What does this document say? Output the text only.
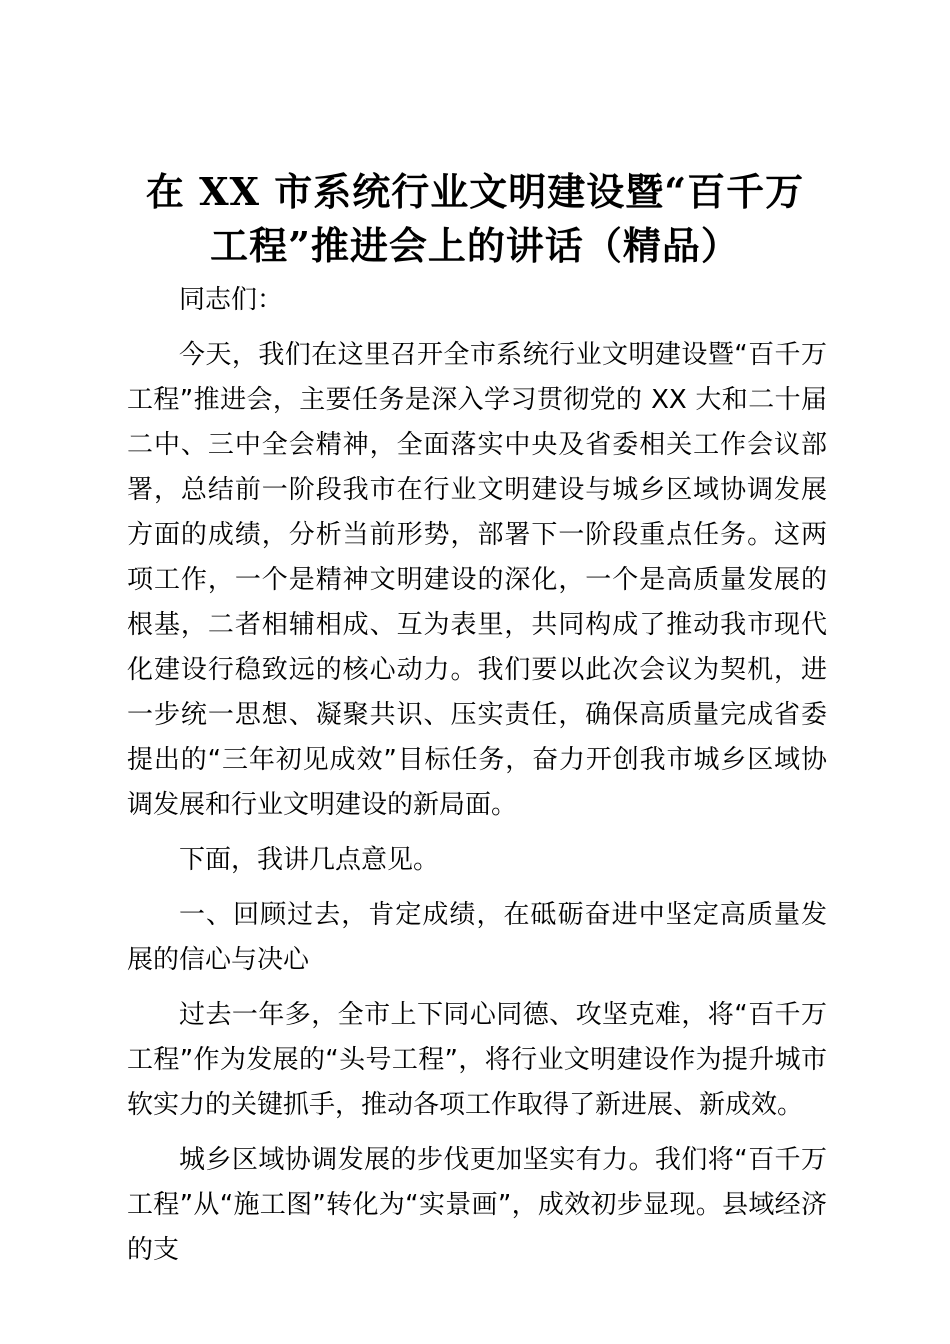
在 XX 市系统行业文明建设暨“百千万
工程”推进会上的讲话（精品）

同志们：

今天，我们在这里召开全市系统行业文明建设暨“百千万工程”推进会，主要任务是深入学习贯彻党的 XX 大和二十届二中、三中全会精神，全面落实中央及省委相关工作会议部署，总结前一阶段我市在行业文明建设与城乡区域协调发展方面的成绩，分析当前形势，部署下一阶段重点任务。这两项工作，一个是精神文明建设的深化，一个是高质量发展的根基，二者相辅相成、互为表里，共同构成了推动我市现代化建设行稳致远的核心动力。我们要以此次会议为契机，进一步统一思想、凝聚共识、压实责任，确保高质量完成省委提出的“三年初见成效”目标任务，奋力开创我市城乡区域协调发展和行业文明建设的新局面。

下面，我讲几点意见。

一、回顾过去，肯定成绩，在砥砺奋进中坚定高质量发展的信心与决心

过去一年多，全市上下同心同德、攻坚克难，将“百千万工程”作为发展的“头号工程”，将行业文明建设作为提升城市软实力的关键抓手，推动各项工作取得了新进展、新成效。

城乡区域协调发展的步伐更加坚实有力。我们将“百千万工程”从“施工图”转化为“实景画”，成效初步显现。县域经济的支
